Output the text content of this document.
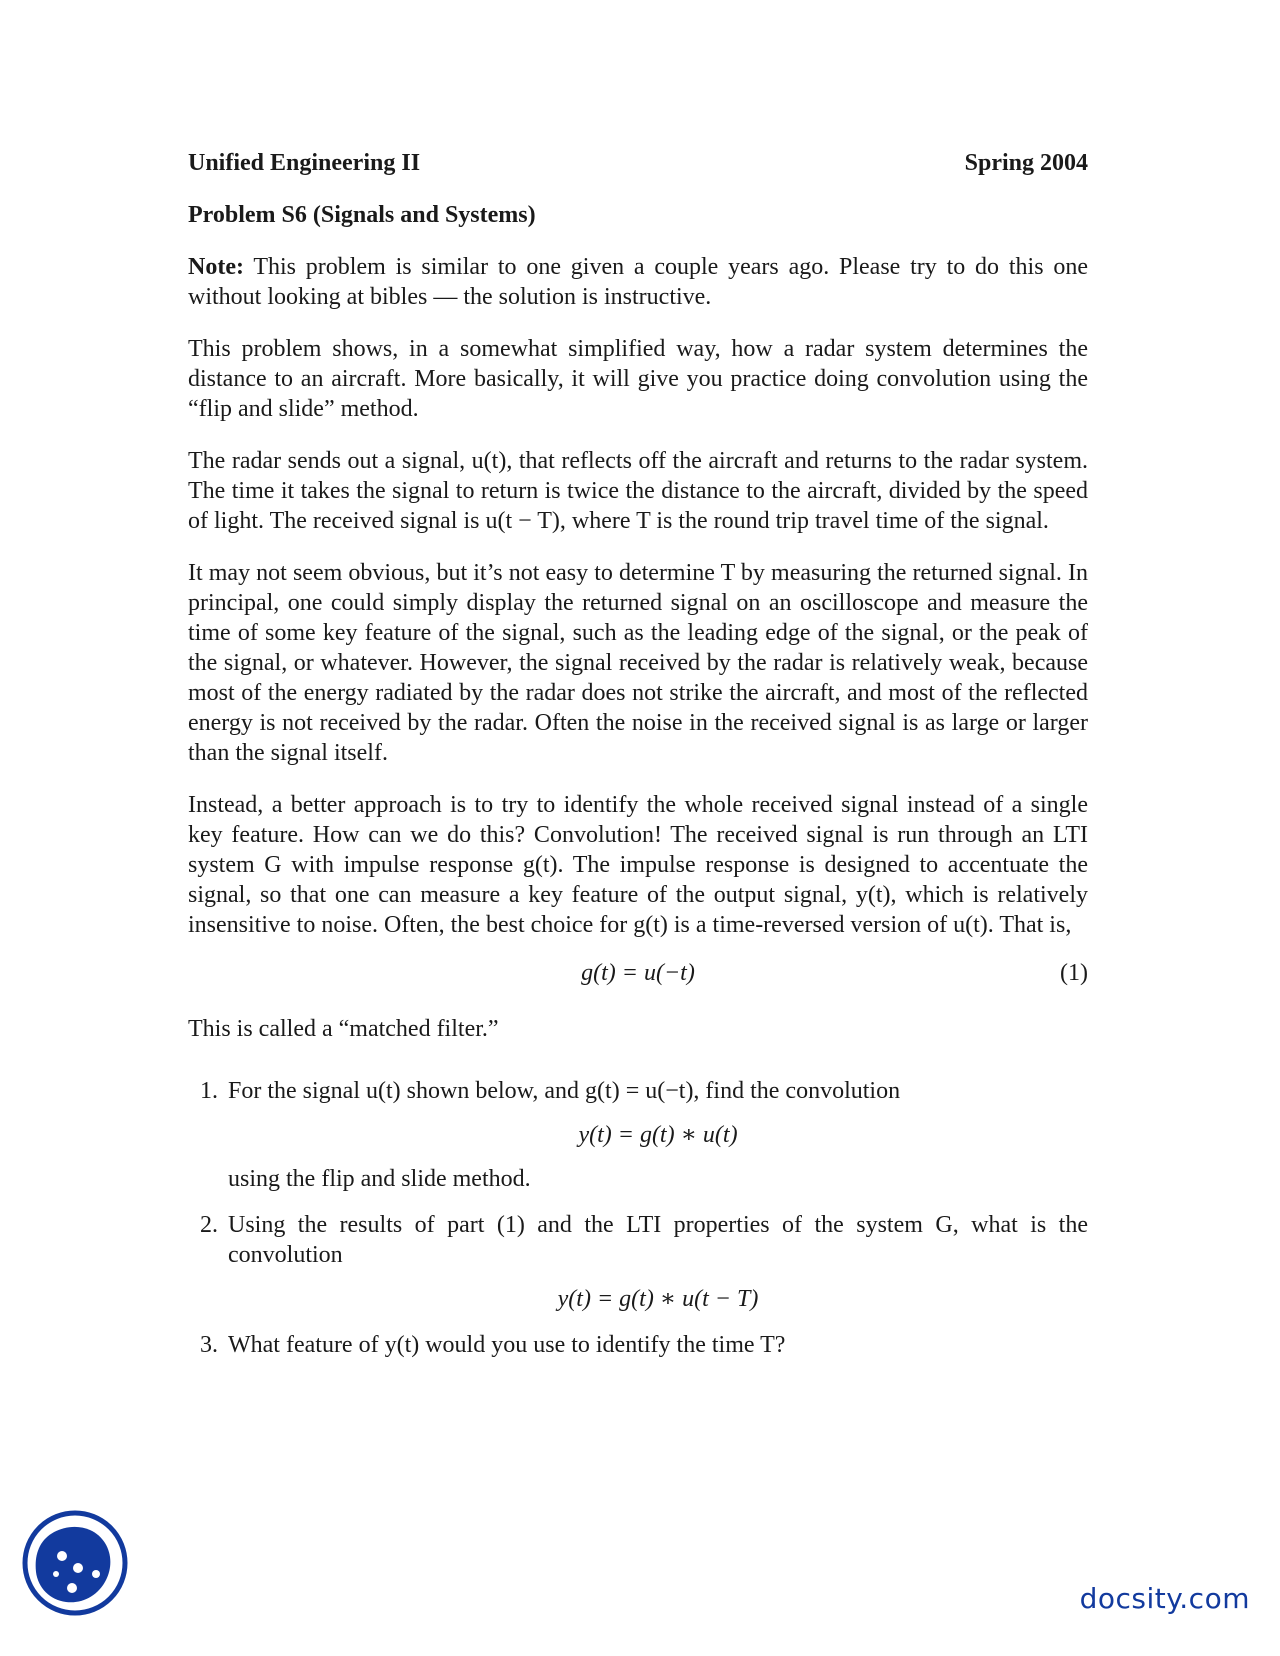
Unified Engineering II	Spring 2004
Problem S6 (Signals and Systems)

Note: This problem is similar to one given a couple years ago. Please try to do this one without looking at bibles — the solution is instructive.

This problem shows, in a somewhat simplified way, how a radar system determines the distance to an aircraft. More basically, it will give you practice doing convolution using the “flip and slide” method.

The radar sends out a signal, u(t), that reflects off the aircraft and returns to the radar system. The time it takes the signal to return is twice the distance to the aircraft, divided by the speed of light. The received signal is u(t − T), where T is the round trip travel time of the signal.

It may not seem obvious, but it’s not easy to determine T by measuring the returned signal. In principal, one could simply display the returned signal on an oscilloscope and measure the time of some key feature of the signal, such as the leading edge of the signal, or the peak of the signal, or whatever. However, the signal received by the radar is relatively weak, because most of the energy radiated by the radar does not strike the aircraft, and most of the reflected energy is not received by the radar. Often the noise in the received signal is as large or larger than the signal itself.

Instead, a better approach is to try to identify the whole received signal instead of a single key feature. How can we do this? Convolution! The received signal is run through an LTI system G with impulse response g(t). The impulse response is designed to accentuate the signal, so that one can measure a key feature of the output signal, y(t), which is relatively insensitive to noise. Often, the best choice for g(t) is a time-reversed version of u(t). That is,

g(t) = u(−t)	(1)

This is called a “matched filter.”

1. For the signal u(t) shown below, and g(t) = u(−t), find the convolution
y(t) = g(t) ∗ u(t)
using the flip and slide method.
2. Using the results of part (1) and the LTI properties of the system G, what is the convolution
y(t) = g(t) ∗ u(t − T)
3. What feature of y(t) would you use to identify the time T?
docsity.com
